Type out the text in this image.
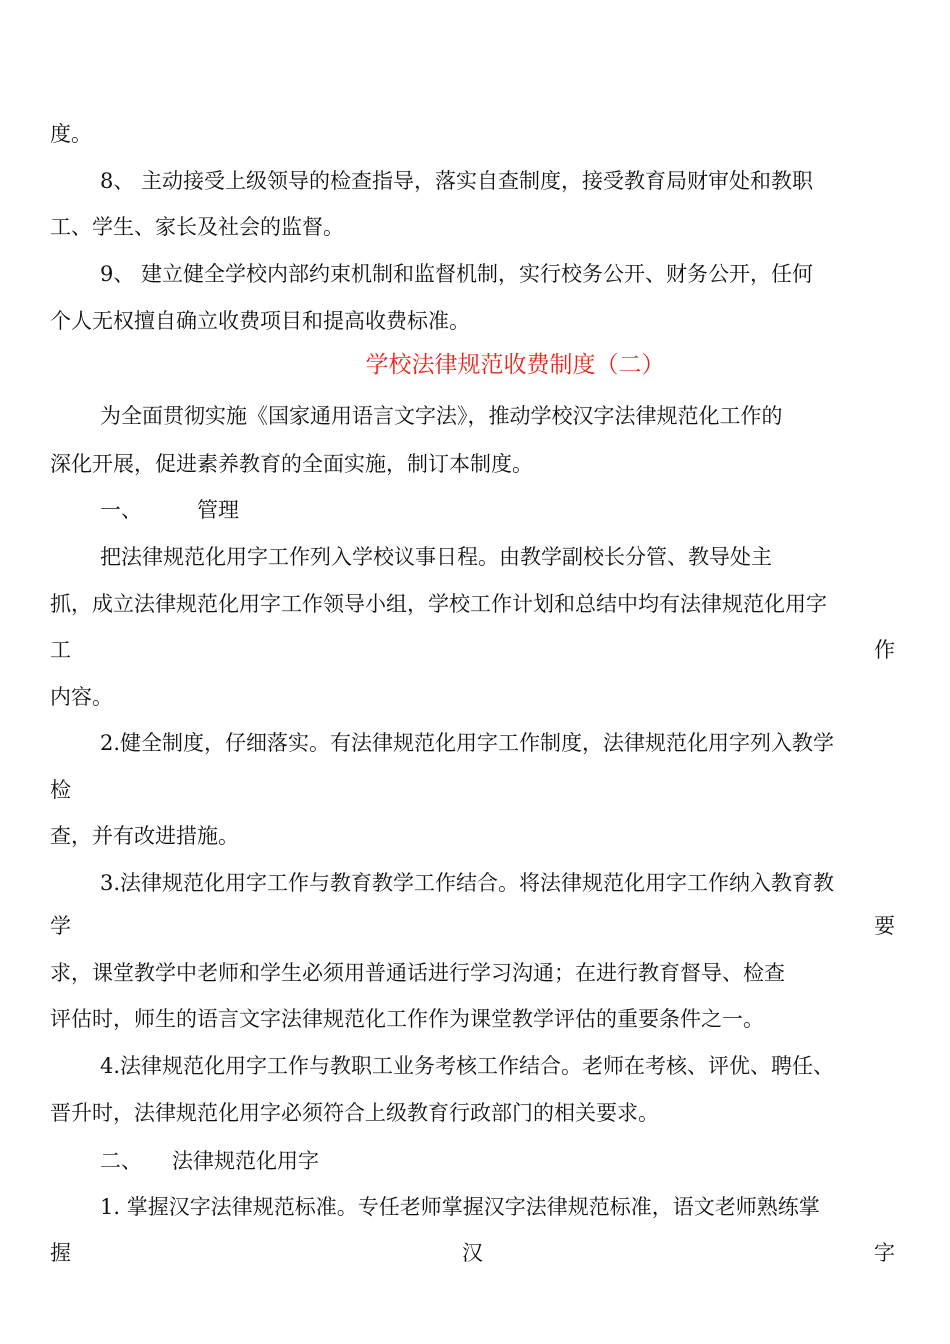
度。
8、 主动接受上级领导的检查指导，落实自查制度，接受教育局财审处和教职
工、学生、家长及社会的监督。
9、 建立健全学校内部约束机制和监督机制，实行校务公开、财务公开，任何
个人无权擅自确立收费项目和提高收费标准。
学校法律规范收费制度（二）
为全面贯彻实施《国家通用语言文字法》，推动学校汉字法律规范化工作的
深化开展，促进素养教育的全面实施，制订本制度。
一、	管理
把法律规范化用字工作列入学校议事日程。由教学副校长分管、教导处主
抓，成立法律规范化用字工作领导小组，学校工作计划和总结中均有法律规范化用字
工	作
内容。
2.健全制度，仔细落实。有法律规范化用字工作制度，法律规范化用字列入教学
检
查，并有改进措施。
3.法律规范化用字工作与教育教学工作结合。将法律规范化用字工作纳入教育教
学	要
求，课堂教学中老师和学生必须用普通话进行学习沟通；在进行教育督导、检查
评估时，师生的语言文字法律规范化工作作为课堂教学评估的重要条件之一。
4.法律规范化用字工作与教职工业务考核工作结合。老师在考核、评优、聘任、
晋升时，法律规范化用字必须符合上级教育行政部门的相关要求。
二、 法律规范化用字
1. 掌握汉字法律规范标准。专任老师掌握汉字法律规范标准，语文老师熟练掌
握	汉	字
